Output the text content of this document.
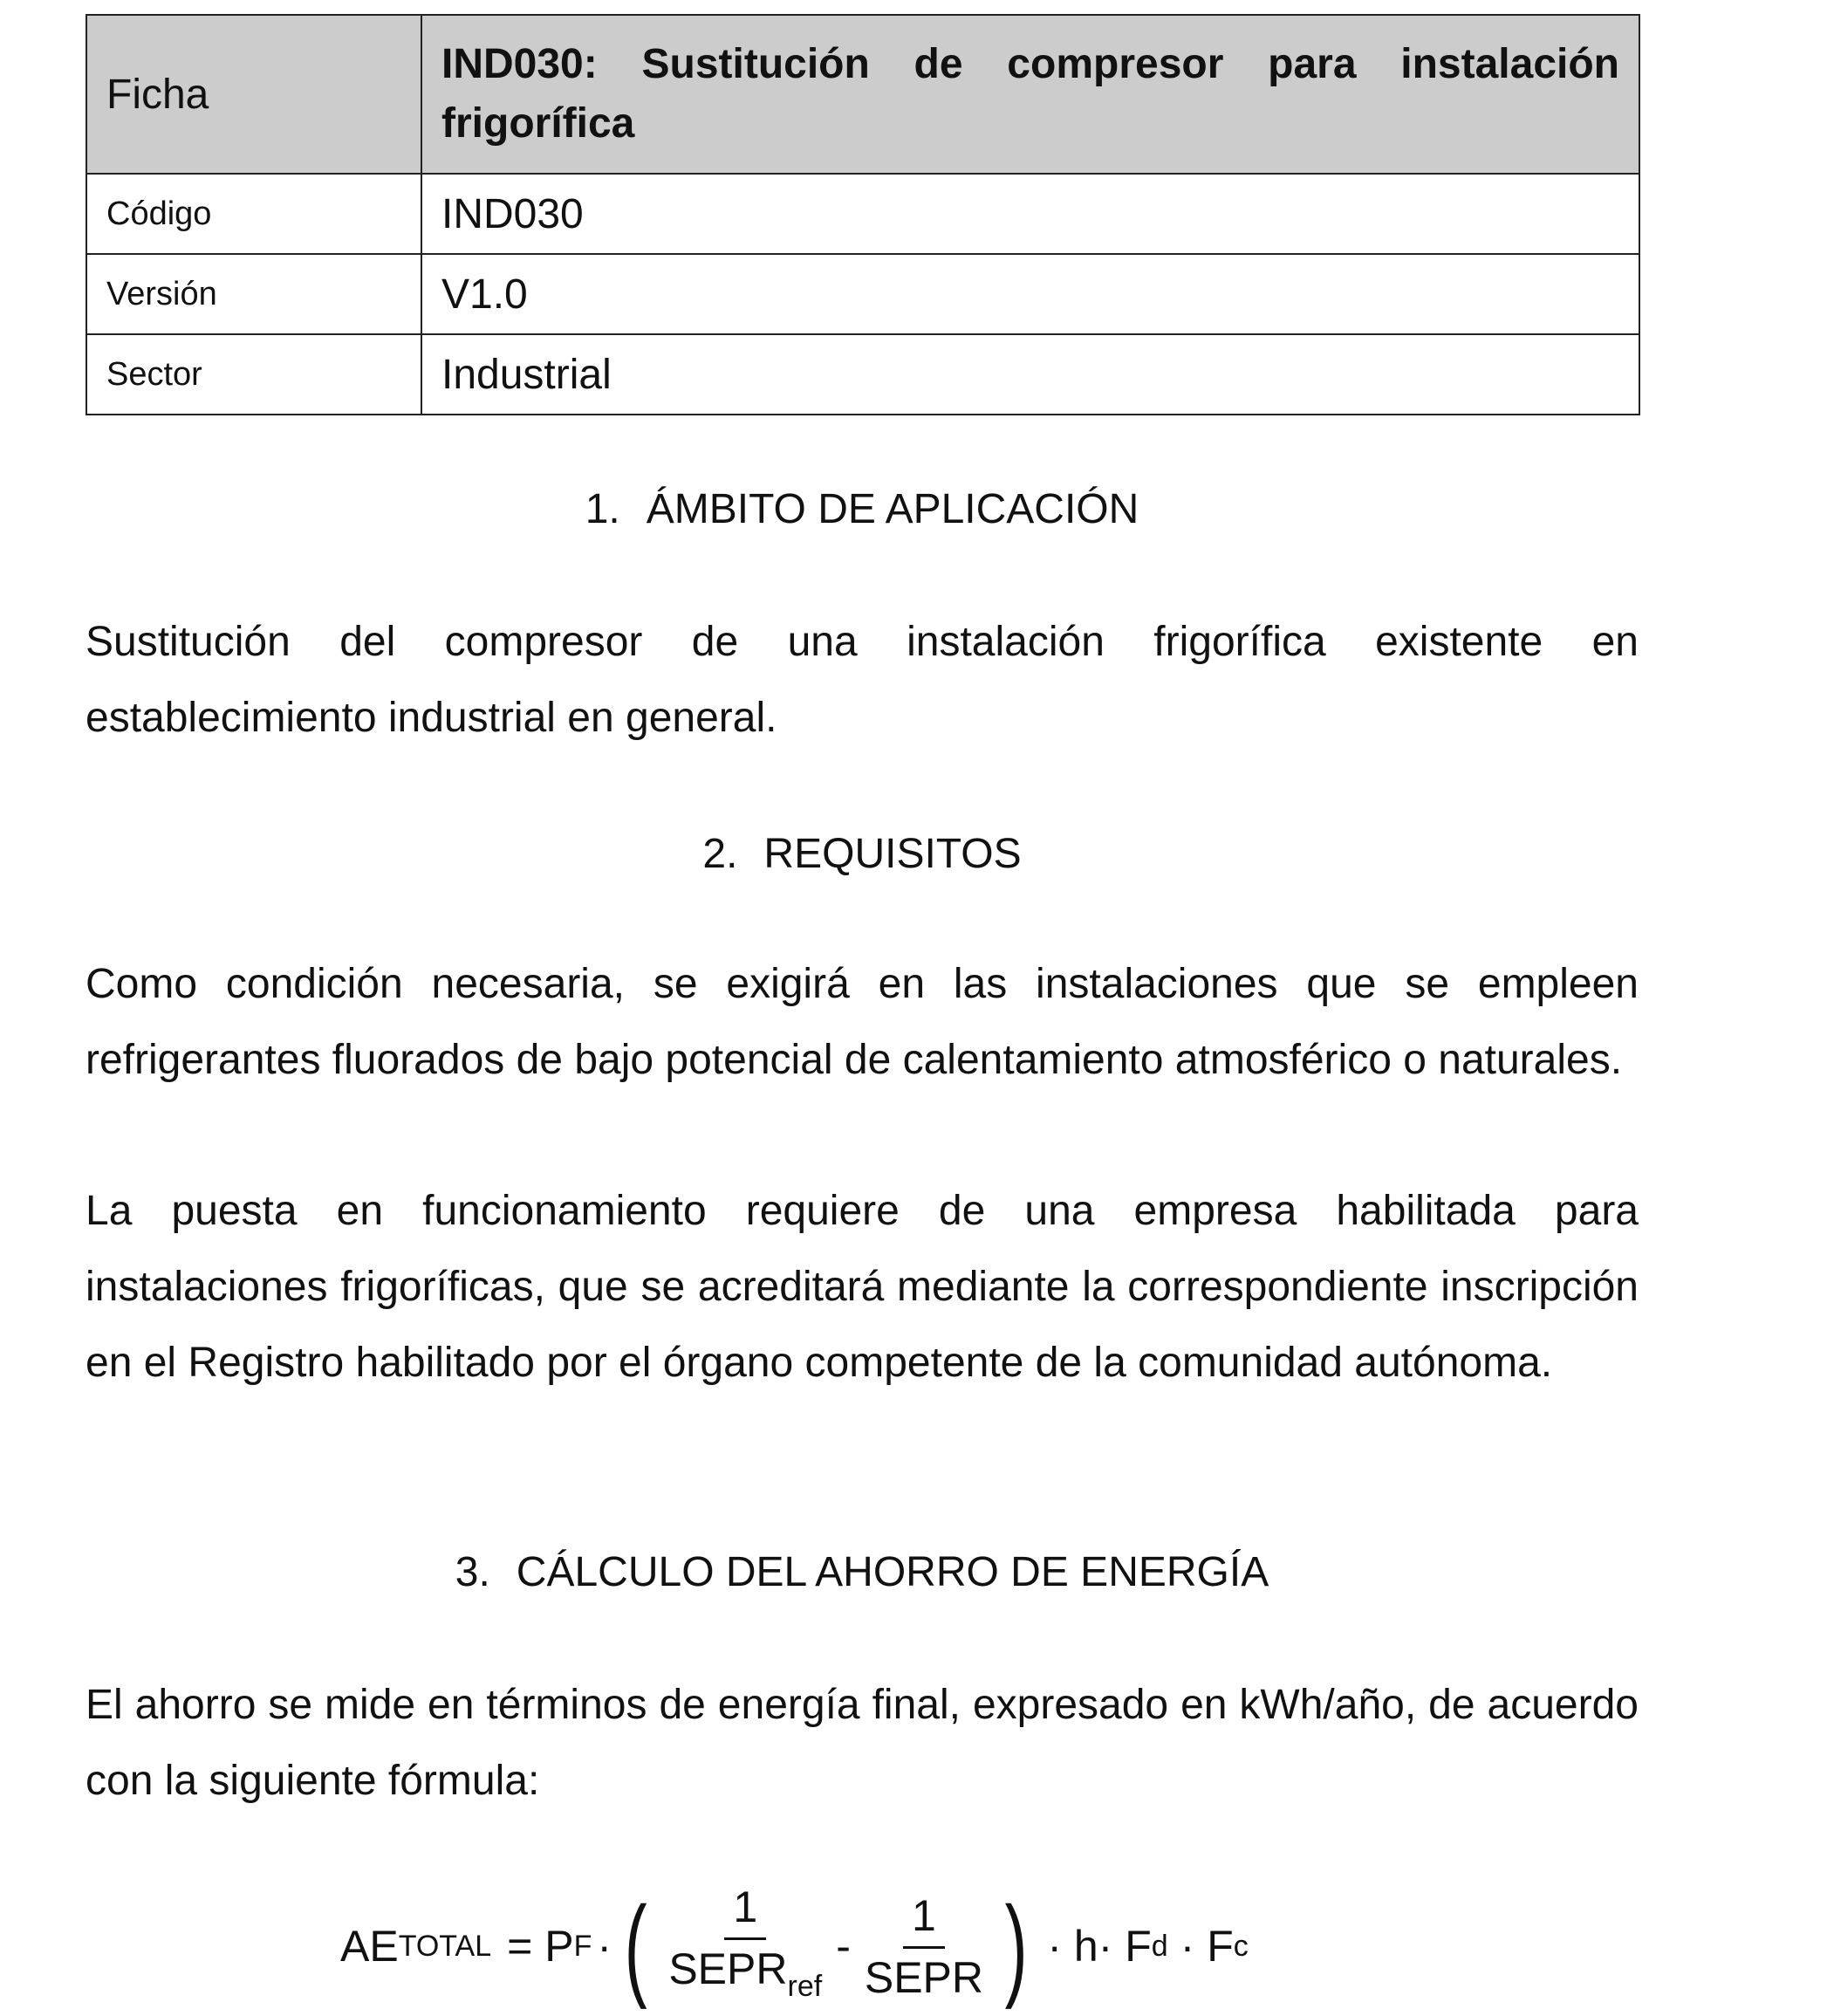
Ficha	IND030: Sustitución de compresor para instalación frigorífica
Código	IND030
Versión	V1.0
Sector	Industrial
1. ÁMBITO DE APLICACIÓN

Sustitución del compresor de una instalación frigorífica existente en establecimiento industrial en general.

2. REQUISITOS

Como condición necesaria, se exigirá en las instalaciones que se empleen refrigerantes fluorados de bajo potencial de calentamiento atmosférico o naturales.

La puesta en funcionamiento requiere de una empresa habilitada para instalaciones frigoríficas, que se acreditará mediante la correspondiente inscripción en el Registro habilitado por el órgano competente de la comunidad autónoma.

3. CÁLCULO DEL AHORRO DE ENERGÍA

El ahorro se mide en términos de energía final, expresado en kWh/año, de acuerdo con la siguiente fórmula:

AE TOTAL = P F · ( $\frac{1}{SEPR_{ref}} - \frac{1}{\text{SEPR}}$ ) · h· F d · F c
